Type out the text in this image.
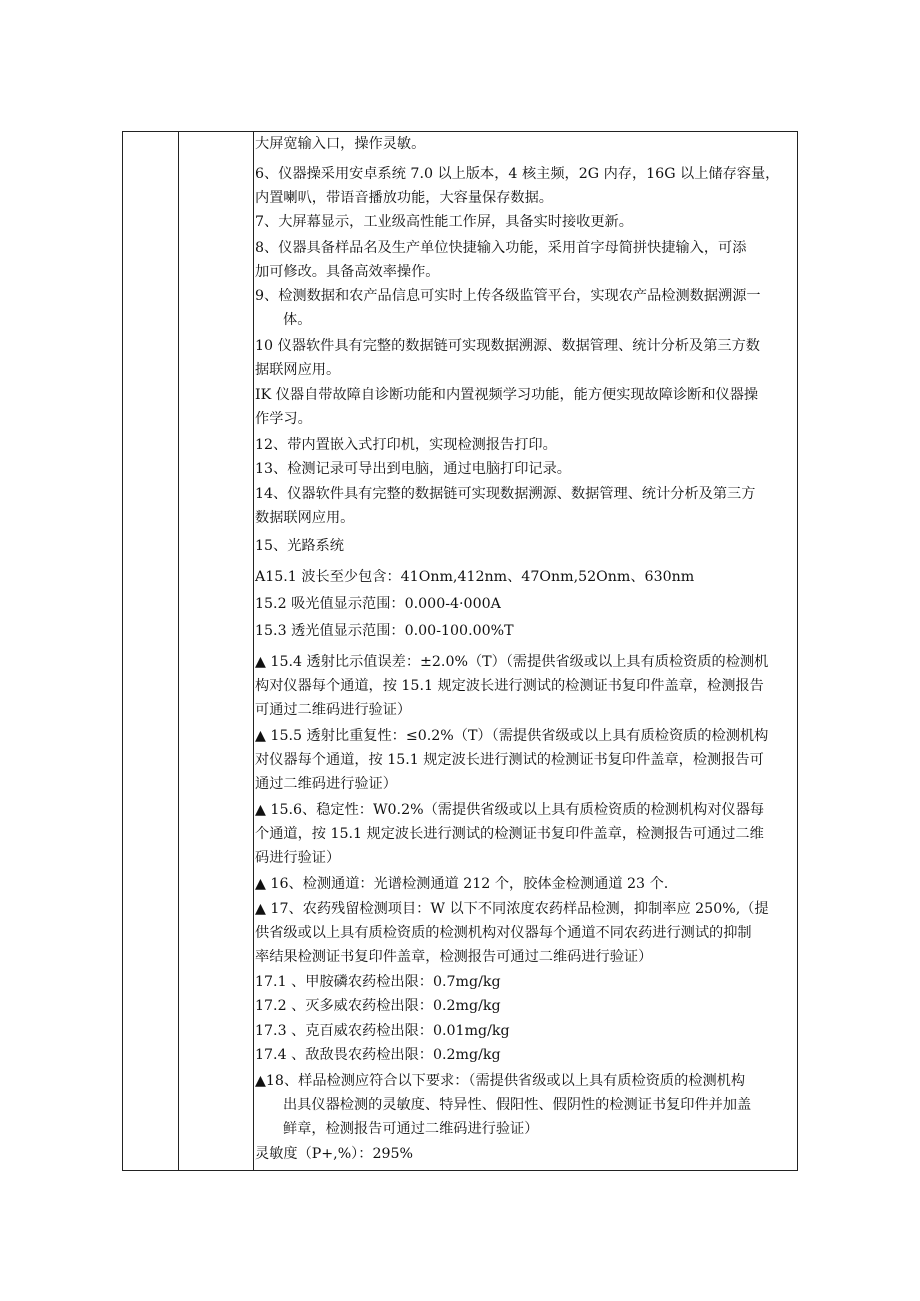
大屏宽输入口，操作灵敏。
6、仪器操采用安卓系统 7.0 以上版本，4 核主频，2G 内存，16G 以上储存容量，
内置喇叭，带语音播放功能，大容量保存数据。
7、大屏幕显示，工业级高性能工作屏，具备实时接收更新。
8、仪器具备样品名及生产单位快捷输入功能，采用首字母简拼快捷输入，可添
加可修改。具备高效率操作。
9、检测数据和农产品信息可实时上传各级监管平台，实现农产品检测数据溯源一
体。
10 仪器软件具有完整的数据链可实现数据溯源、数据管理、统计分析及第三方数
据联网应用。
IK 仪器自带故障自诊断功能和内置视频学习功能，能方便实现故障诊断和仪器操
作学习。
12、带内置嵌入式打印机，实现检测报告打印。
13、检测记录可导出到电脑，通过电脑打印记录。
14、仪器软件具有完整的数据链可实现数据溯源、数据管理、统计分析及第三方
数据联网应用。
15、光路系统
A15.1 波长至少包含：41Onm,412nm、47Onm,52Onm、630nm
15.2 吸光值显示范围：0.000-4·000A
15.3 透光值显示范围：0.00-100.00%T
▲ 15.4 透射比示值误差：±2.0%（T）（需提供省级或以上具有质检资质的检测机
构对仪器每个通道，按 15.1 规定波长进行测试的检测证书复印件盖章，检测报告
可通过二维码进行验证）
▲ 15.5 透射比重复性：≤0.2%（T）（需提供省级或以上具有质检资质的检测机构
对仪器每个通道，按 15.1 规定波长进行测试的检测证书复印件盖章，检测报告可
通过二维码进行验证）
▲ 15.6、稳定性：W0.2%（需提供省级或以上具有质检资质的检测机构对仪器每
个通道，按 15.1 规定波长进行测试的检测证书复印件盖章，检测报告可通过二维
码进行验证）
▲ 16、检测通道：光谱检测通道 212 个，胶体金检测通道 23 个.
▲ 17、农药残留检测项目：W 以下不同浓度农药样品检测，抑制率应 250%,（提
供省级或以上具有质检资质的检测机构对仪器每个通道不同农药进行测试的抑制
率结果检测证书复印件盖章，检测报告可通过二维码进行验证）
17.1 、甲胺磷农药检出限：0.7mg/kg
17.2 、灭多威农药检出限：0.2mg/kg
17.3 、克百威农药检出限：0.01mg/kg
17.4 、敌敌畏农药检出限：0.2mg/kg
▲18、样品检测应符合以下要求：（需提供省级或以上具有质检资质的检测机构
出具仪器检测的灵敏度、特异性、假阳性、假阴性的检测证书复印件并加盖
鲜章，检测报告可通过二维码进行验证）
灵敏度（P+,%）：295%
